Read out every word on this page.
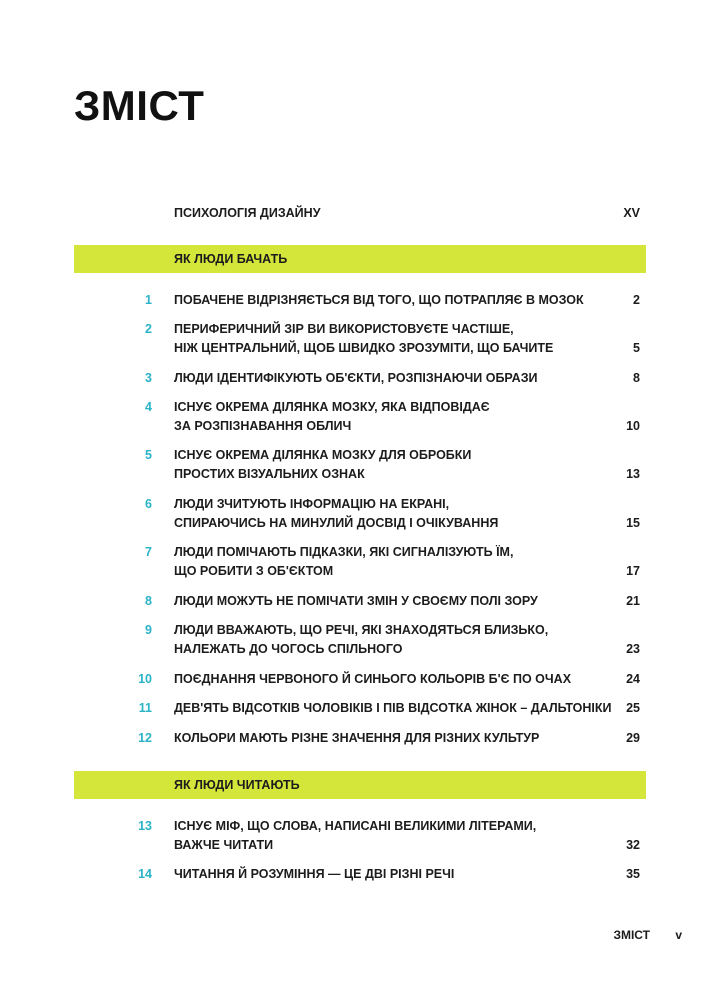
ЗМІСТ
ПСИХОЛОГІЯ ДИЗАЙНУ	XV
ЯК ЛЮДИ БАЧАТЬ
1 ПОБАЧЕНЕ ВІДРІЗНЯЄТЬСЯ ВІД ТОГО, ЩО ПОТРАПЛЯЄ В МОЗОК	2
2 ПЕРИФЕРИЧНИЙ ЗІР ВИ ВИКОРИСТОВУЄТЕ ЧАСТІШЕ,
НІЖ ЦЕНТРАЛЬНИЙ, ЩОБ ШВИДКО ЗРОЗУМІТИ, ЩО БАЧИТЕ	5
3 ЛЮДИ ІДЕНТИФІКУЮТЬ ОБ'ЄКТИ, РОЗПІЗНАЮЧИ ОБРАЗИ	8
4 ІСНУЄ ОКРЕМА ДІЛЯНКА МОЗКУ, ЯКА ВІДПОВІДАЄ
ЗА РОЗПІЗНАВАННЯ ОБЛИЧ	10
5 ІСНУЄ ОКРЕМА ДІЛЯНКА МОЗКУ ДЛЯ ОБРОБКИ
ПРОСТИХ ВІЗУАЛЬНИХ ОЗНАК	13
6 ЛЮДИ ЗЧИТУЮТЬ ІНФОРМАЦІЮ НА ЕКРАНІ,
СПИРАЮЧИСЬ НА МИНУЛИЙ ДОСВІД І ОЧІКУВАННЯ	15
7 ЛЮДИ ПОМІЧАЮТЬ ПІДКАЗКИ, ЯКІ СИГНАЛІЗУЮТЬ ЇМ,
ЩО РОБИТИ З ОБ'ЄКТОМ	17
8 ЛЮДИ МОЖУТЬ НЕ ПОМІЧАТИ ЗМІН У СВОЄМУ ПОЛІ ЗОРУ	21
9 ЛЮДИ ВВАЖАЮТЬ, ЩО РЕЧІ, ЯКІ ЗНАХОДЯТЬСЯ БЛИЗЬКО,
НАЛЕЖАТЬ ДО ЧОГОСЬ СПІЛЬНОГО	23
10 ПОЄДНАННЯ ЧЕРВОНОГО Й СИНЬОГО КОЛЬОРІВ Б'Є ПО ОЧАХ	24
11 ДЕВ'ЯТЬ ВІДСОТКІВ ЧОЛОВІКІВ І ПІВ ВІДСОТКА ЖІНОК – ДАЛЬТОНІКИ 25
12 КОЛЬОРИ МАЮТЬ РІЗНЕ ЗНАЧЕННЯ ДЛЯ РІЗНИХ КУЛЬТУР	29
ЯК ЛЮДИ ЧИТАЮТЬ
13 ІСНУЄ МІФ, ЩО СЛОВА, НАПИСАНІ ВЕЛИКИМИ ЛІТЕРАМИ,
ВАЖЧЕ ЧИТАТИ	32
14 ЧИТАННЯ Й РОЗУМІННЯ — ЦЕ ДВІ РІЗНІ РЕЧІ	35
ЗМІСТ v
